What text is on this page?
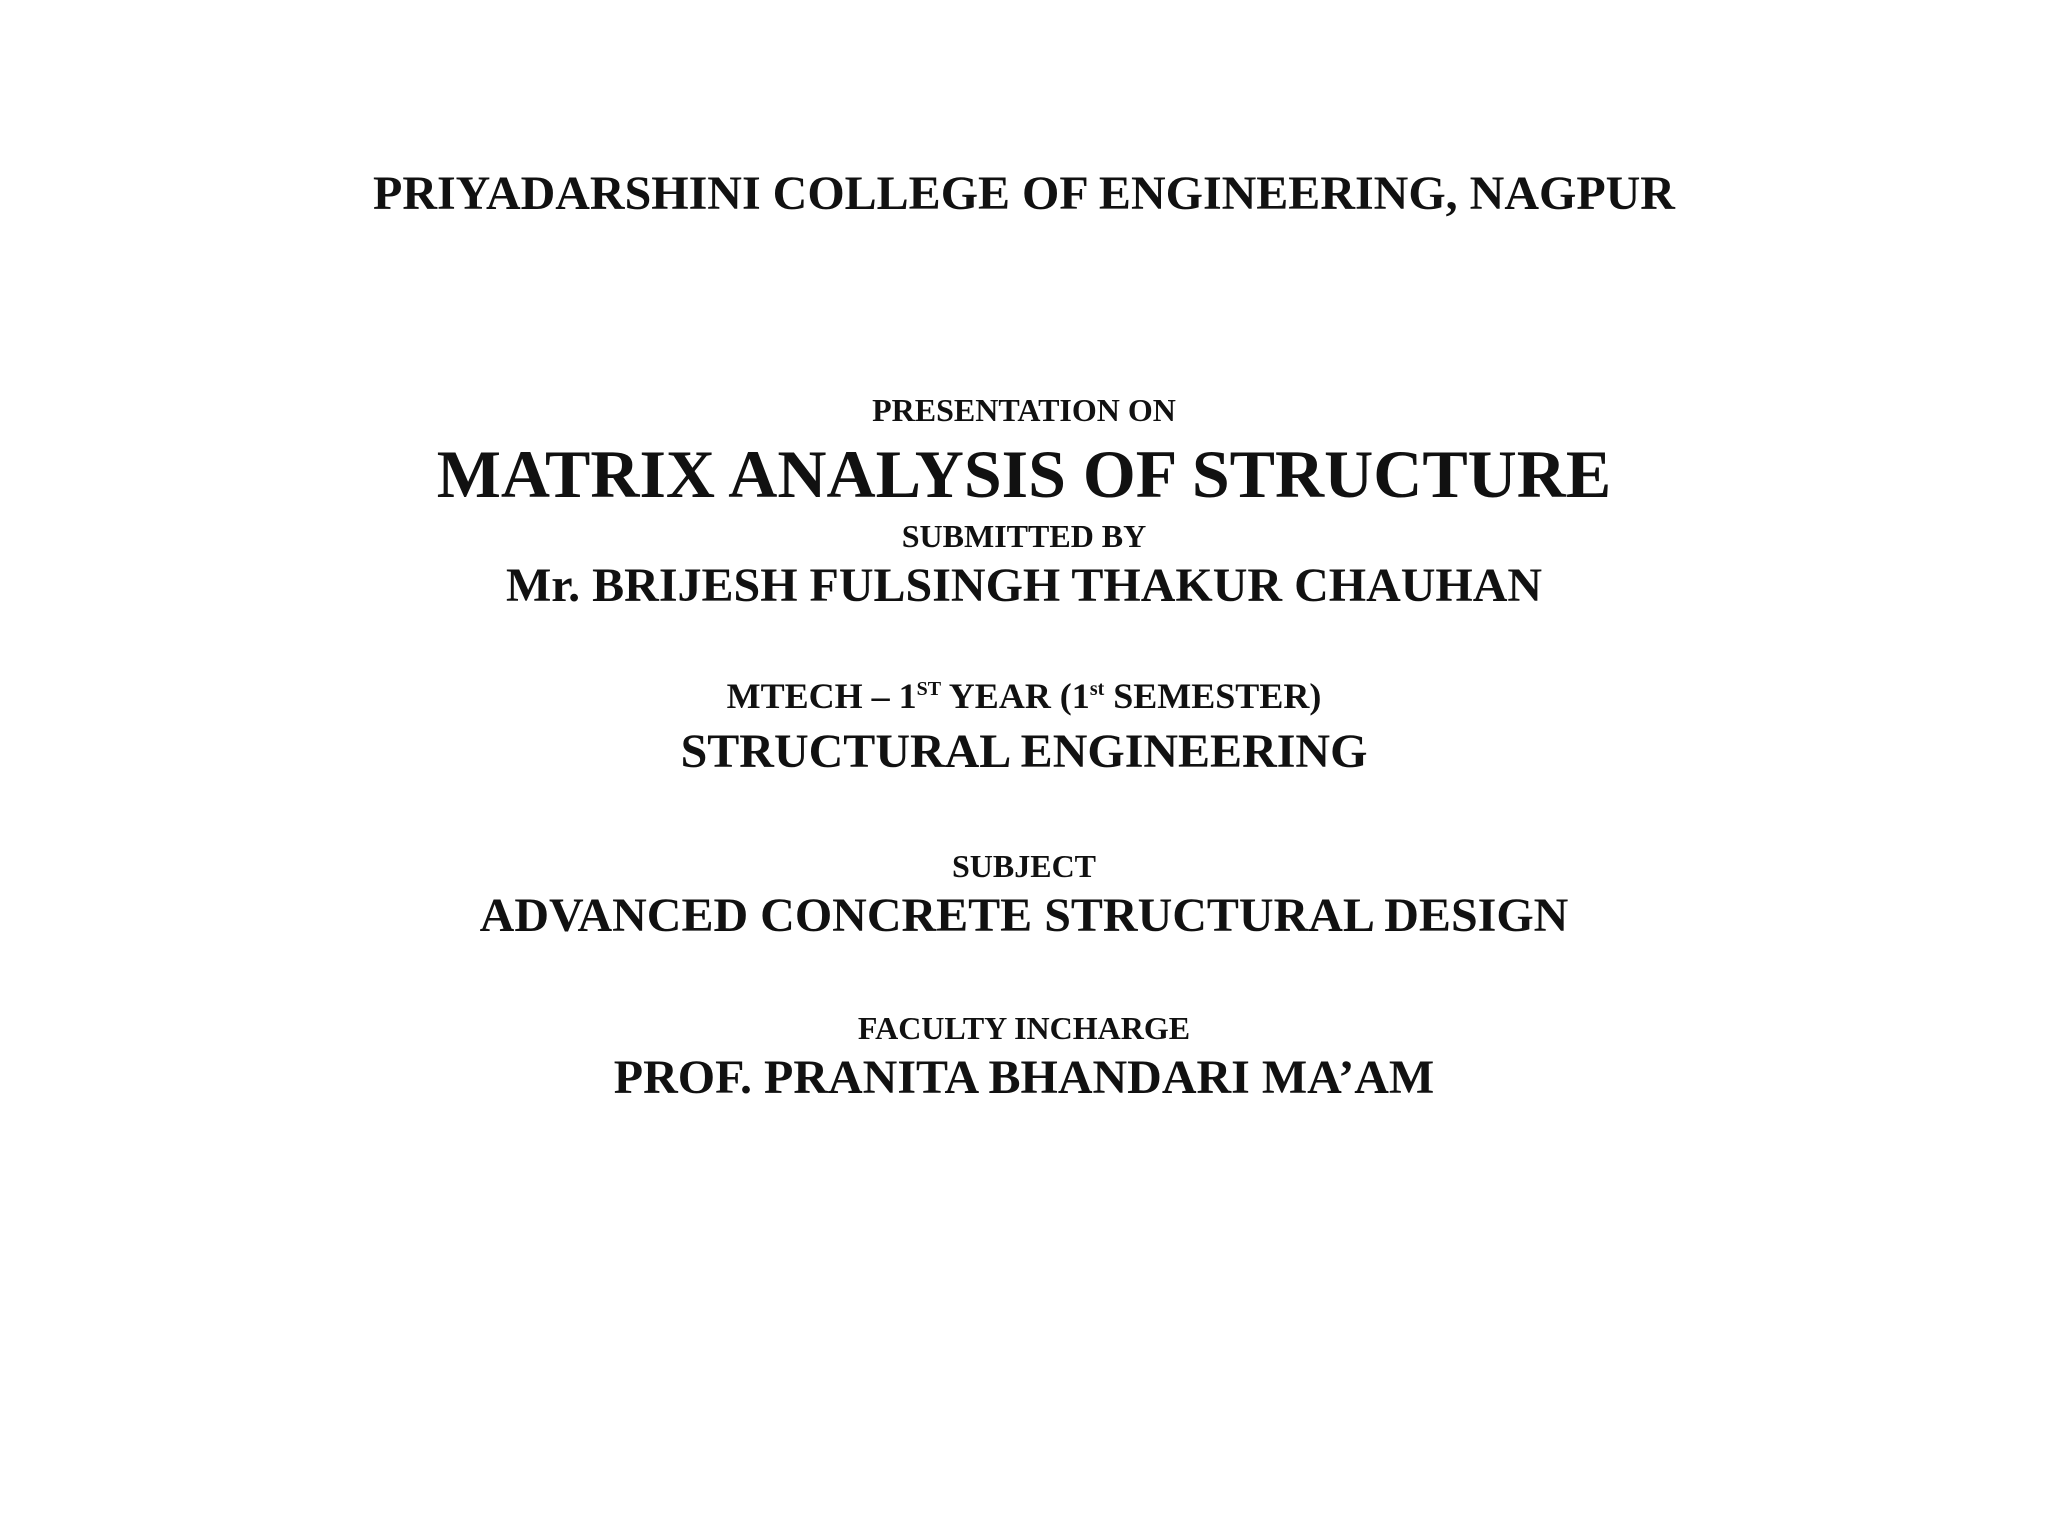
PRIYADARSHINI COLLEGE OF ENGINEERING, NAGPUR
PRESENTATION ON
MATRIX ANALYSIS OF STRUCTURE
SUBMITTED BY
Mr. BRIJESH FULSINGH THAKUR CHAUHAN
MTECH – 1ST YEAR (1st SEMESTER)
STRUCTURAL ENGINEERING
SUBJECT
ADVANCED CONCRETE STRUCTURAL DESIGN
FACULTY INCHARGE
PROF. PRANITA BHANDARI MA’AM
